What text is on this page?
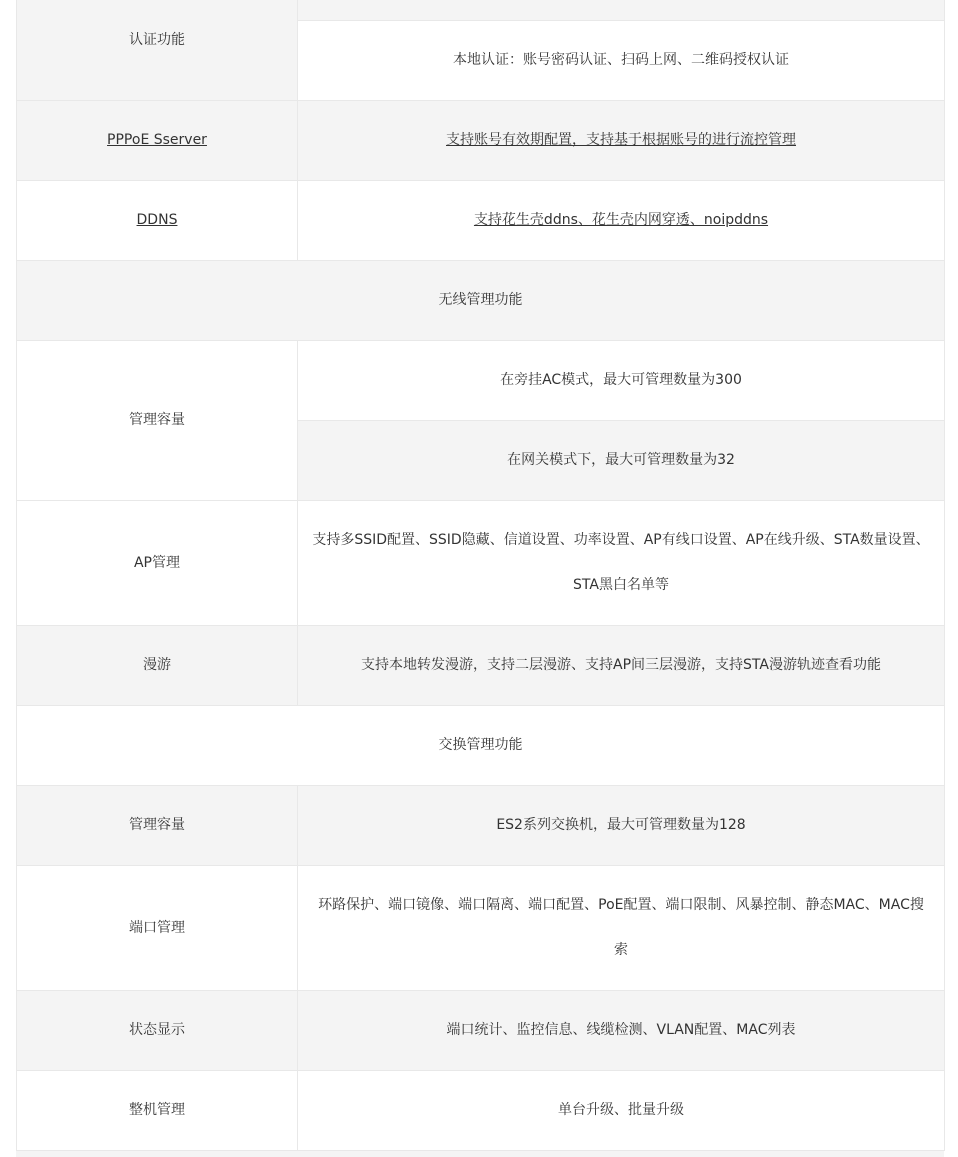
认证功能	
	本地认证：账号密码认证、扫码上网、二维码授权认证
PPPoE Sserver	支持账号有效期配置，支持基于根据账号的进行流控管理
DDNS	支持花生壳ddns、花生壳内网穿透、noipddns
无线管理功能	
管理容量	在旁挂AC模式，最大可管理数量为300
	在网关模式下，最大可管理数量为32
AP管理	支持多SSID配置、SSID隐藏、信道设置、功率设置、AP有线口设置、AP在线升级、STA数量设置、STA黑白名单等
漫游	支持本地转发漫游，支持二层漫游、支持AP间三层漫游，支持STA漫游轨迹查看功能
交换管理功能	
管理容量	ES2系列交换机，最大可管理数量为128
端口管理	环路保护、端口镜像、端口隔离、端口配置、PoE配置、端口限制、风暴控制、静态MAC、MAC搜索
状态显示	端口统计、监控信息、线缆检测、VLAN配置、MAC列表
整机管理	单台升级、批量升级
